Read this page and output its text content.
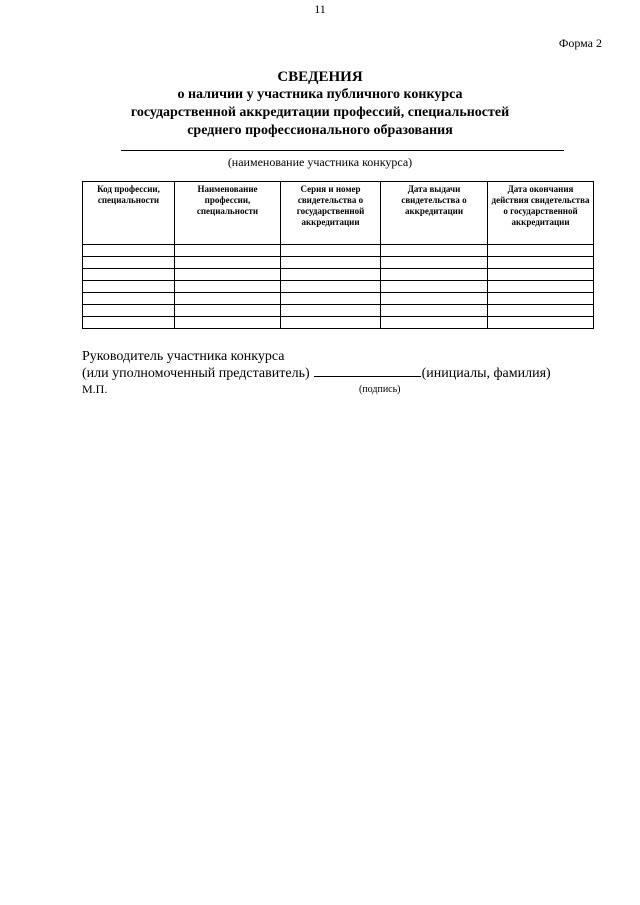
11
Форма 2
СВЕДЕНИЯ
о наличии у участника публичного конкурса
государственной аккредитации профессий, специальностей
среднего профессионального образования
(наименование участника конкурса)
Код профессии, специальности	Наименование профессии, специальности	Серия и номер свидетельства о государственной аккредитации	Дата выдачи свидетельства о аккредитации	Дата окончания действия свидетельства о государственной аккредитации

Руководитель участника конкурса
(или уполномоченный представитель)	(инициалы, фамилия)
М.П.	(подпись)
